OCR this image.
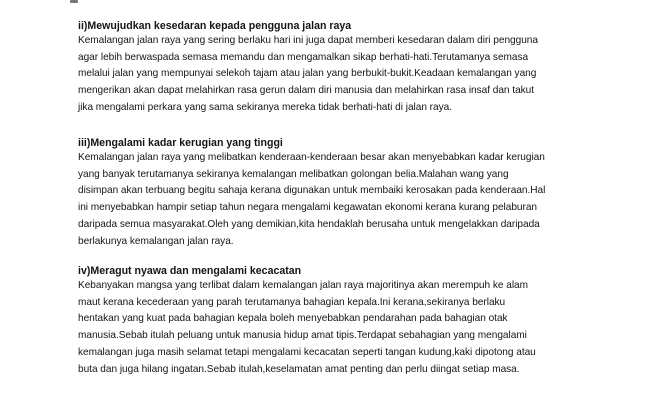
ii)Mewujudkan kesedaran kepada pengguna jalan raya
Kemalangan jalan raya yang sering berlaku hari ini juga dapat memberi kesedaran dalam diri pengguna
agar lebih berwaspada semasa memandu dan mengamalkan sikap berhati-hati.Terutamanya semasa
melalui jalan yang mempunyai selekoh tajam atau jalan yang berbukit-bukit.Keadaan kemalangan yang
mengerikan akan dapat melahirkan rasa gerun dalam diri manusia dan melahirkan rasa insaf dan takut
jika mengalami perkara yang sama sekiranya mereka tidak berhati-hati di jalan raya.
iii)Mengalami kadar kerugian yang tinggi
Kemalangan jalan raya yang melibatkan kenderaan-kenderaan besar akan menyebabkan kadar kerugian
yang banyak terutamanya sekiranya kemalangan melibatkan golongan belia.Malahan wang yang
disimpan akan terbuang begitu sahaja kerana digunakan untuk membaiki kerosakan pada kenderaan.Hal
ini menyebabkan hampir setiap tahun negara mengalami kegawatan ekonomi kerana kurang pelaburan
daripada semua masyarakat.Oleh yang demikian,kita hendaklah berusaha untuk mengelakkan daripada
berlakunya kemalangan jalan raya.
iv)Meragut nyawa dan mengalami kecacatan
Kebanyakan mangsa yang terlibat dalam kemalangan jalan raya majoritinya akan merempuh ke alam
maut kerana kecederaan yang parah terutamanya bahagian kepala.Ini kerana,sekiranya berlaku
hentakan yang kuat pada bahagian kepala boleh menyebabkan pendarahan pada bahagian otak
manusia.Sebab itulah peluang untuk manusia hidup amat tipis.Terdapat sebahagian yang mengalami
kemalangan juga masih selamat tetapi mengalami kecacatan seperti tangan kudung,kaki dipotong atau
buta dan juga hilang ingatan.Sebab itulah,keselamatan amat penting dan perlu diingat setiap masa.
